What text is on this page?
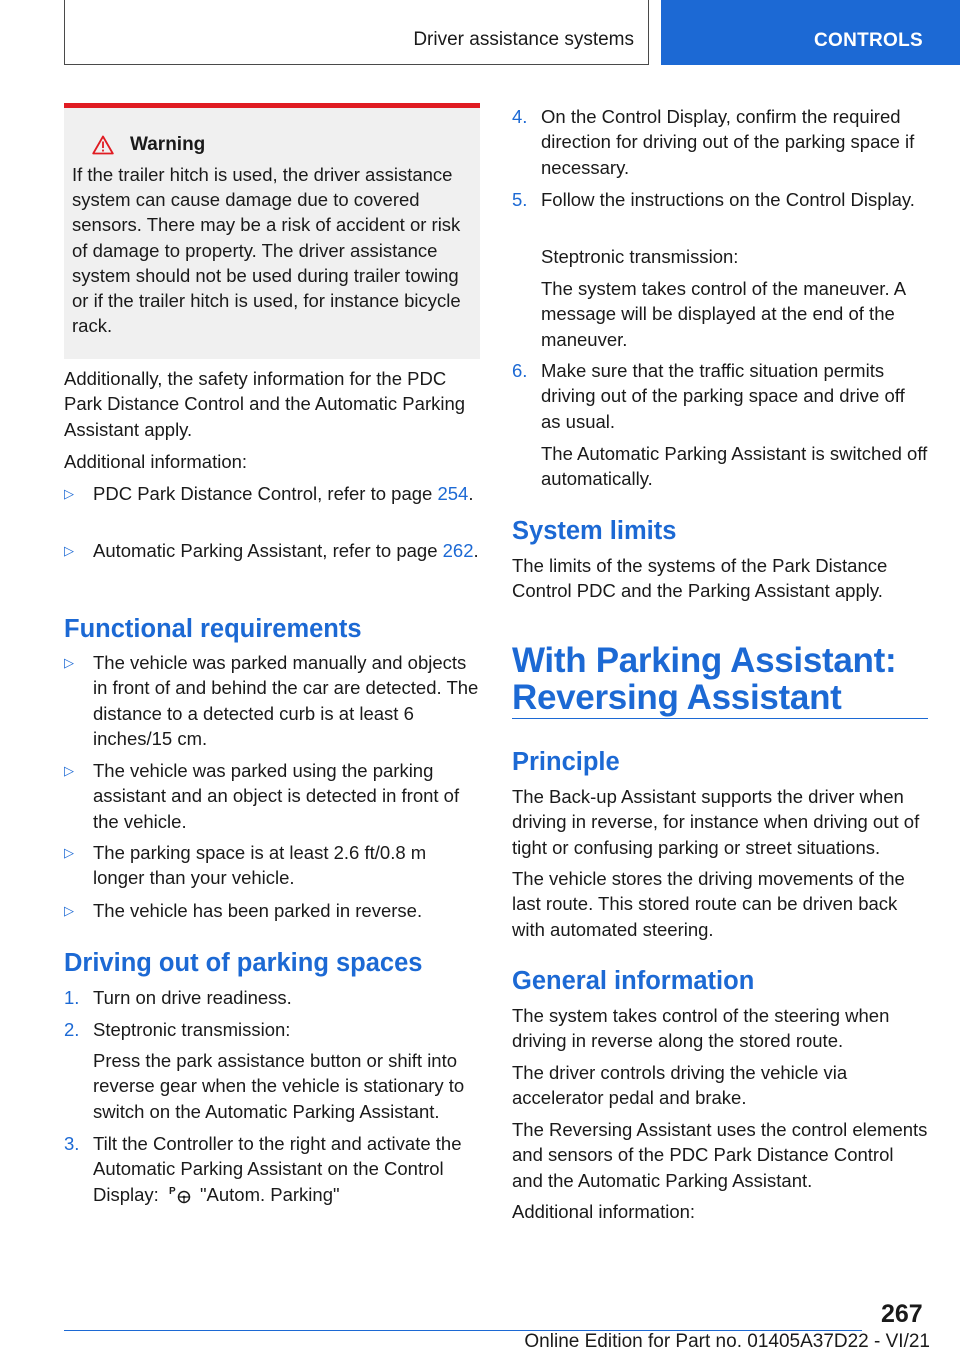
Driver assistance systems	CONTROLS
Warning
If the trailer hitch is used, the driver assistance system can cause damage due to covered sensors. There may be a risk of accident or risk of damage to property. The driver assistance system should not be used during trailer towing or if the trailer hitch is used, for instance bicycle rack.

Additionally, the safety information for the PDC Park Distance Control and the Automatic Parking Assistant apply.

Additional information:

▷ PDC Park Distance Control, refer to page 254.
▷ Automatic Parking Assistant, refer to page 262.
Functional requirements
▷ The vehicle was parked manually and objects in front of and behind the car are detected. The distance to a detected curb is at least 6 inches/15 cm.
▷ The vehicle was parked using the parking assistant and an object is detected in front of the vehicle.
▷ The parking space is at least 2.6 ft/0.8 m longer than your vehicle.
▷ The vehicle has been parked in reverse.
Driving out of parking spaces
1. Turn on drive readiness.
2. Steptronic transmission:
Press the park assistance button or shift into reverse gear when the vehicle is stationary to switch on the Automatic Parking Assistant.
3. Tilt the Controller to the right and activate the Automatic Parking Assistant on the Control Display: P "Autom. Parking"
4. On the Control Display, confirm the required direction for driving out of the parking space if necessary.
5. Follow the instructions on the Control Display.
Steptronic transmission:
The system takes control of the maneuver. A message will be displayed at the end of the maneuver.
6. Make sure that the traffic situation permits driving out of the parking space and drive off as usual.
The Automatic Parking Assistant is switched off automatically.
System limits

The limits of the systems of the Park Distance Control PDC and the Parking Assistant apply.

With Parking Assistant:
Reversing Assistant
Principle

The Back-up Assistant supports the driver when driving in reverse, for instance when driving out of tight or confusing parking or street situations.

The vehicle stores the driving movements of the last route. This stored route can be driven back with automated steering.

General information

The system takes control of the steering when driving in reverse along the stored route.

The driver controls driving the vehicle via accelerator pedal and brake.

The Reversing Assistant uses the control elements and sensors of the PDC Park Distance Control and the Automatic Parking Assistant.

Additional information:

267
Online Edition for Part no. 01405A37D22 - VI/21
